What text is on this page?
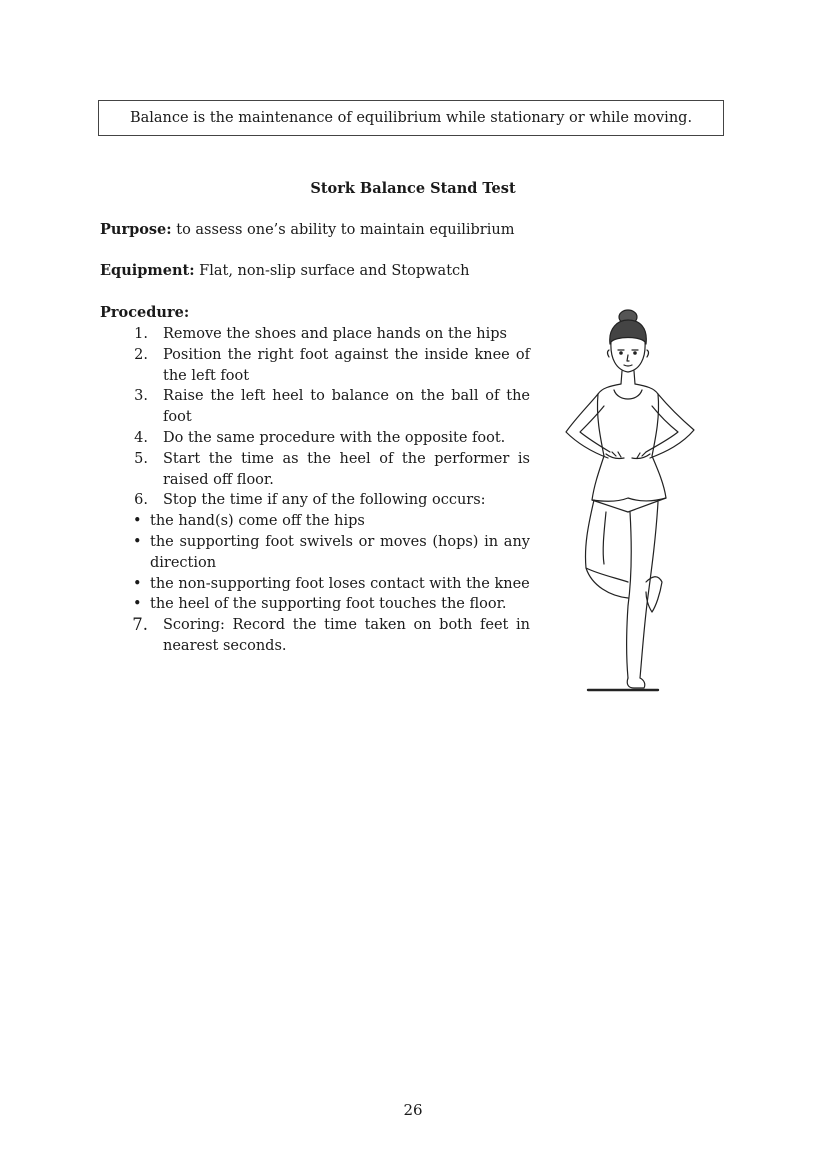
Balance is the maintenance of equilibrium while stationary or while moving.
Stork Balance Stand Test
Purpose: to assess one’s ability to maintain equilibrium
Equipment: Flat, non-slip surface and Stopwatch
Procedure:
1. Remove the shoes and place hands on the hips
2. Position the right foot against the inside knee of the left foot
3. Raise the left heel to balance on the ball of the foot
4. Do the same procedure with the opposite foot.
5. Start the time as the heel of the performer is raised off floor.
6. Stop the time if any of the following occurs:
• the hand(s) come off the hips
• the supporting foot swivels or moves (hops) in any direction
• the non-supporting foot loses contact with the knee
• the heel of the supporting foot touches the floor.
7. Scoring: Record the time taken on both feet in nearest seconds.
26
